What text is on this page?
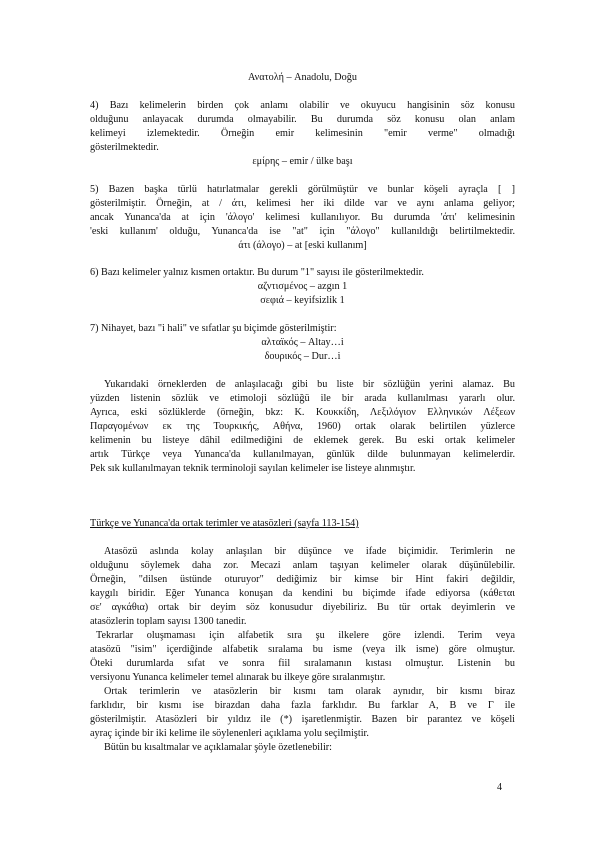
Ανατολή – Anadolu, Doğu
4) Bazı kelimelerin birden çok anlamı olabilir ve okuyucu hangisinin söz konusu
olduğunu anlayacak durumda olmayabilir. Bu durumda söz konusu olan anlam
kelimeyi izlemektedir. Örneğin emir kelimesinin "emir verme" olmadığı
gösterilmektedir.
εμίρης – emir / ülke başı
5) Bazen başka türlü hatırlatmalar gerekli görülmüştür ve bunlar köşeli ayraçla [ ]
gösterilmiştir. Örneğin, at / άτι, kelimesi her iki dilde var ve aynı anlama geliyor;
ancak Yunanca'da at için 'άλογο' kelimesi kullanılıyor. Bu durumda 'άτι' kelimesinin
'eski kullanım' olduğu, Yunanca'da ise "at" için "άλογο" kullanıldığı belirtilmektedir.
άτι (άλογο) – at [eski kullanım]
6) Bazı kelimeler yalnız kısmen ortaktır. Bu durum "1" sayısı ile gösterilmektedir.
αζντισμένος – azgın 1
σεφιά – keyifsizlik 1
7) Nihayet, bazı "i hali" ve sıfatlar şu biçimde gösterilmiştir:
αλταϊκός – Altay…i
δουρικός – Dur…i
Yukarıdaki örneklerden de anlaşılacağı gibi bu liste bir sözlüğün yerini alamaz. Bu
yüzden listenin sözlük ve etimoloji sözlüğü ile bir arada kullanılması yararlı olur.
Ayrıca, eski sözlüklerde (örneğin, bkz: K. Κουκκίδη, Λεξιλόγιον Ελληνικών Λέξεων
Παραγομένων εκ της Τουρκικής, Αθήνα, 1960) ortak olarak belirtilen yüzlerce
kelimenin bu listeye dâhil edilmediğini de eklemek gerek. Bu eski ortak kelimeler
artık Türkçe veya Yunanca'da kullanılmayan, günlük dilde bulunmayan kelimelerdir.
Pek sık kullanılmayan teknik terminoloji sayılan kelimeler ise listeye alınmıştır.
Türkçe ve Yunanca'da ortak terimler ve atasözleri (sayfa 113-154)
Atasözü aslında kolay anlaşılan bir düşünce ve ifade biçimidir. Terimlerin ne
olduğunu söylemek daha zor. Mecazi anlam taşıyan kelimeler olarak düşünülebilir.
Örneğin, "dilsen üstünde oturuyor" dediğimiz bir kimse bir Hint fakiri değildir,
kaygılı biridir. Eğer Yunanca konuşan da kendini bu biçimde ifade ediyorsa (κάθεται
σε' αγκάθια) ortak bir deyim söz konusudur diyebiliriz. Bu tür ortak deyimlerin ve
atasözlerin toplam sayısı 1300 tanedir.
Tekrarlar oluşmaması için alfabetik sıra şu ilkelere göre izlendi. Terim veya
atasözü "isim" içerdiğinde alfabetik sıralama bu isme (veya ilk isme) göre olmuştur.
Öteki durumlarda sıfat ve sonra fiil sıralamanın kıstası olmuştur. Listenin bu
versiyonu Yunanca kelimeler temel alınarak bu ilkeye göre sıralanmıştır.
Ortak terimlerin ve atasözlerin bir kısmı tam olarak aynıdır, bir kısmı biraz
farklıdır, bir kısmı ise birazdan daha fazla farklıdır. Bu farklar A, B ve Γ ile
gösterilmiştir. Atasözleri bir yıldız ile (*) işaretlenmiştir. Bazen bir parantez ve köşeli
ayraç içinde bir iki kelime ile söylenenleri açıklama yolu seçilmiştir.
Bütün bu kısaltmalar ve açıklamalar şöyle özetlenebilir:
4
